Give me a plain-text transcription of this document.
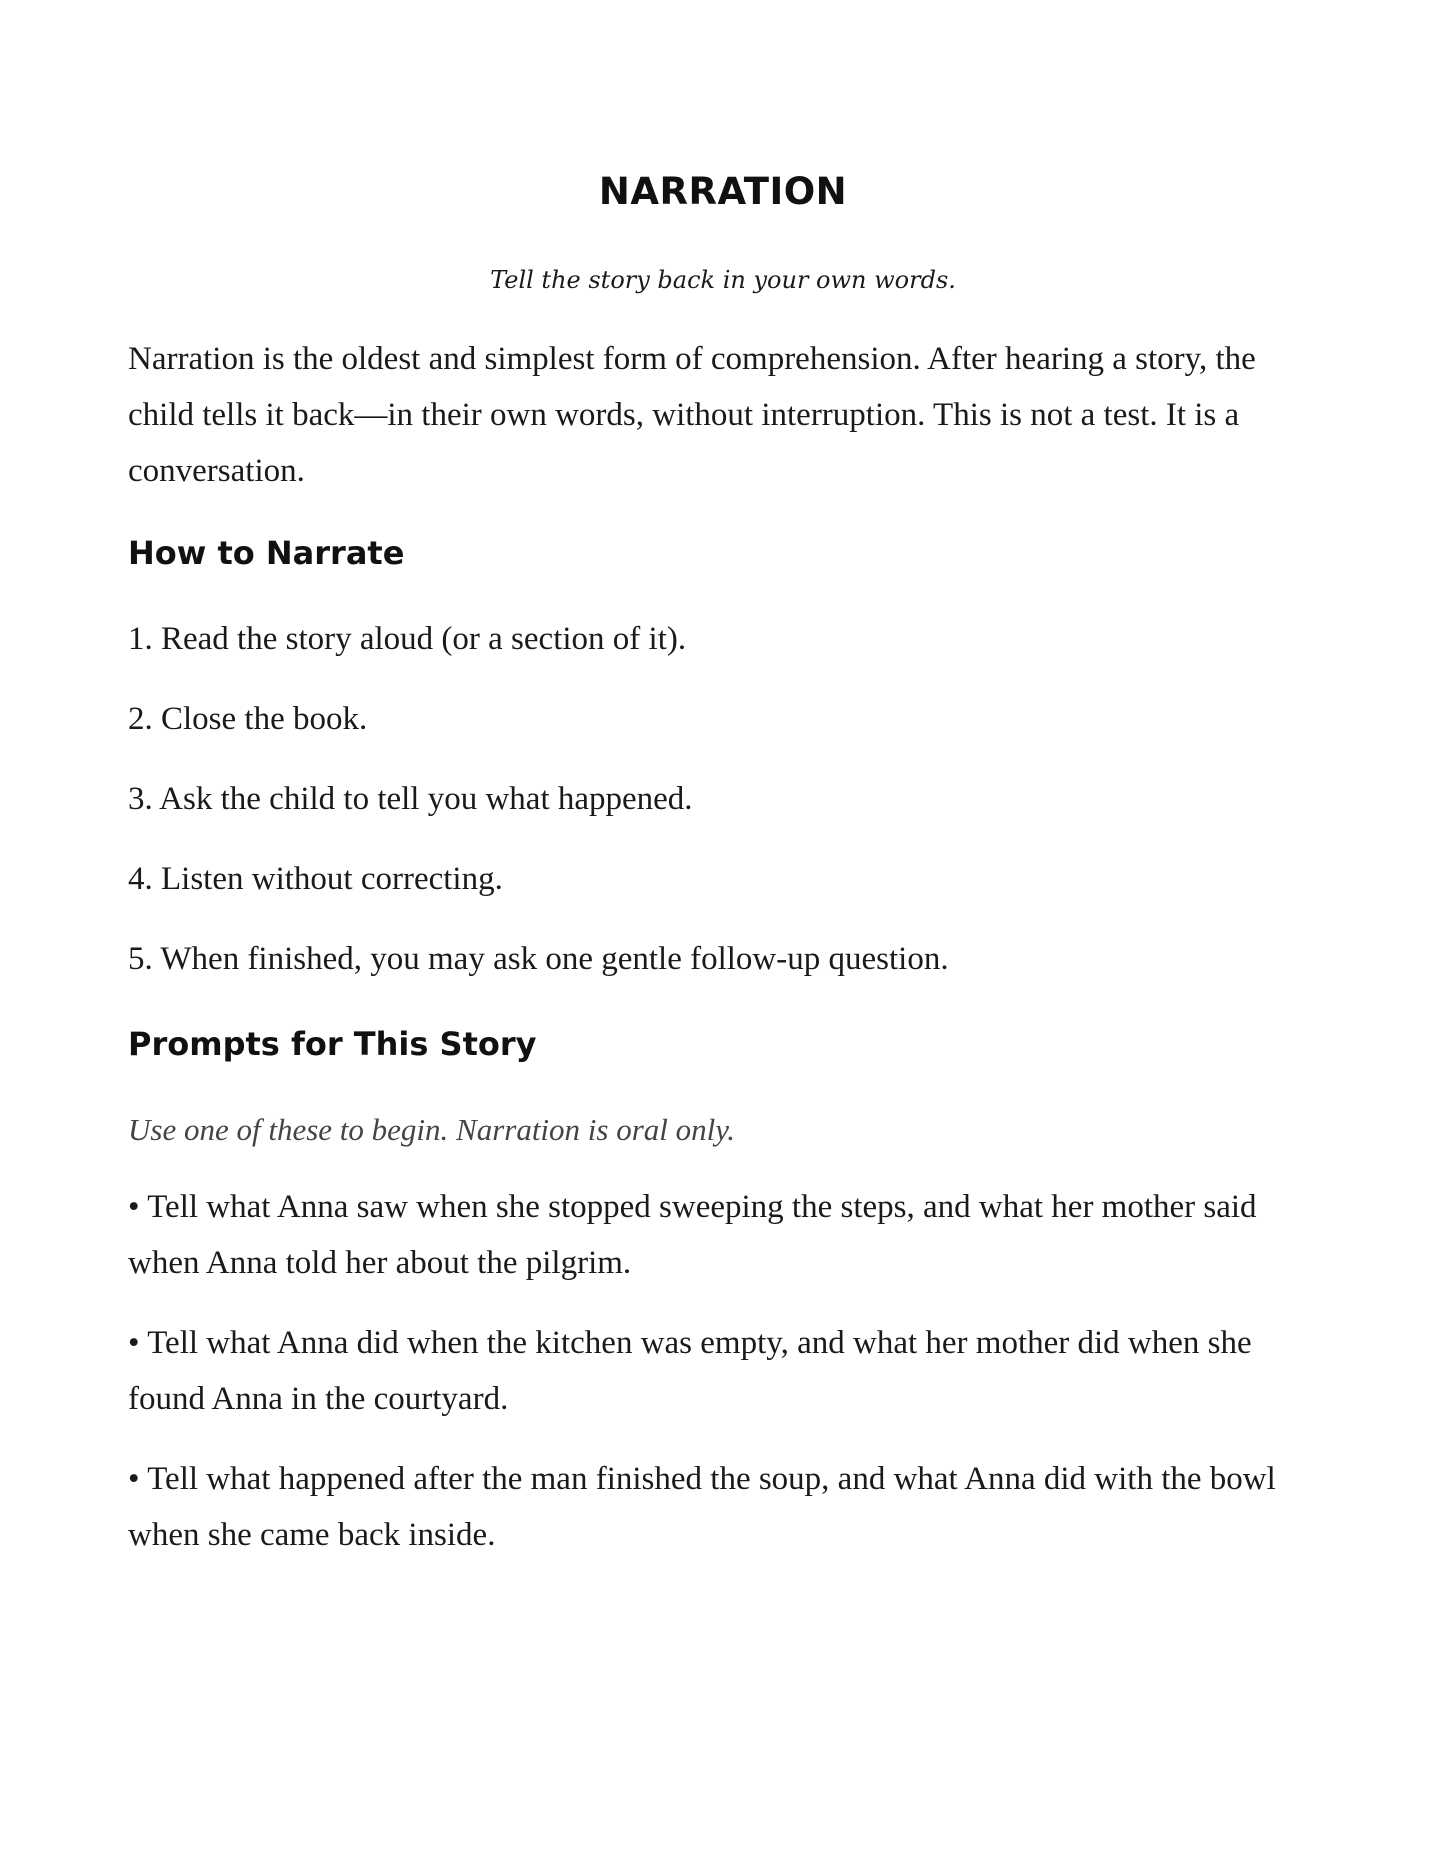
NARRATION

Tell the story back in your own words.

Narration is the oldest and simplest form of comprehension. After hearing a story, the child tells it back—in their own words, without interruption. This is not a test. It is a conversation.

How to Narrate

1. Read the story aloud (or a section of it).

2. Close the book.

3. Ask the child to tell you what happened.

4. Listen without correcting.

5. When finished, you may ask one gentle follow-up question.

Prompts for This Story

Use one of these to begin. Narration is oral only.

• Tell what Anna saw when she stopped sweeping the steps, and what her mother said when Anna told her about the pilgrim.

• Tell what Anna did when the kitchen was empty, and what her mother did when she found Anna in the courtyard.

• Tell what happened after the man finished the soup, and what Anna did with the bowl when she came back inside.
